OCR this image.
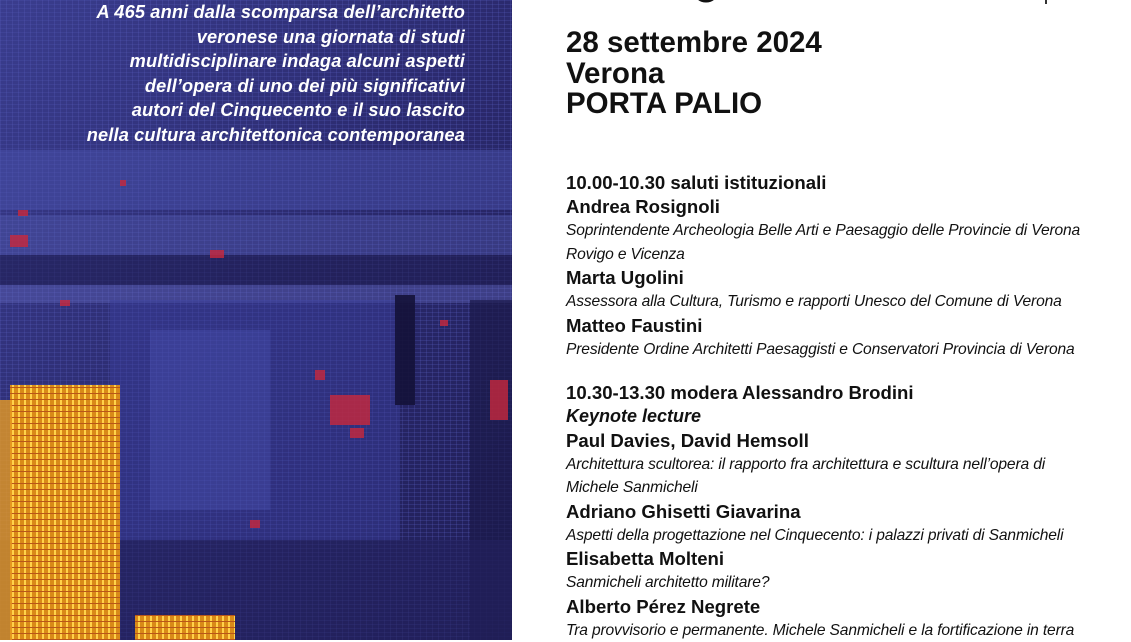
A 465 anni dalla scomparsa dell’architetto
veronese una giornata di studi
multidisciplinare indaga alcuni aspetti
dell’opera di uno dei più significativi
autori del Cinquecento e il suo lascito
nella cultura architettonica contemporanea
28 settembre 2024
Verona
PORTA PALIO
10.00-10.30 saluti istituzionali
Andrea Rosignoli
Soprintendente Archeologia Belle Arti e Paesaggio delle Provincie di Verona
Rovigo e Vicenza
Marta Ugolini
Assessora alla Cultura, Turismo e rapporti Unesco del Comune di Verona
Matteo Faustini
Presidente Ordine Architetti Paesaggisti e Conservatori Provincia di Verona
10.30-13.30 modera Alessandro Brodini
Keynote lecture
Paul Davies, David Hemsoll
Architettura scultorea: il rapporto fra architettura e scultura nell’opera di
Michele Sanmicheli
Adriano Ghisetti Giavarina
Aspetti della progettazione nel Cinquecento: i palazzi privati di Sanmicheli
Elisabetta Molteni
Sanmicheli architetto militare?
Alberto Pérez Negrete
Tra provvisorio e permanente. Michele Sanmicheli e la fortificazione in terra
